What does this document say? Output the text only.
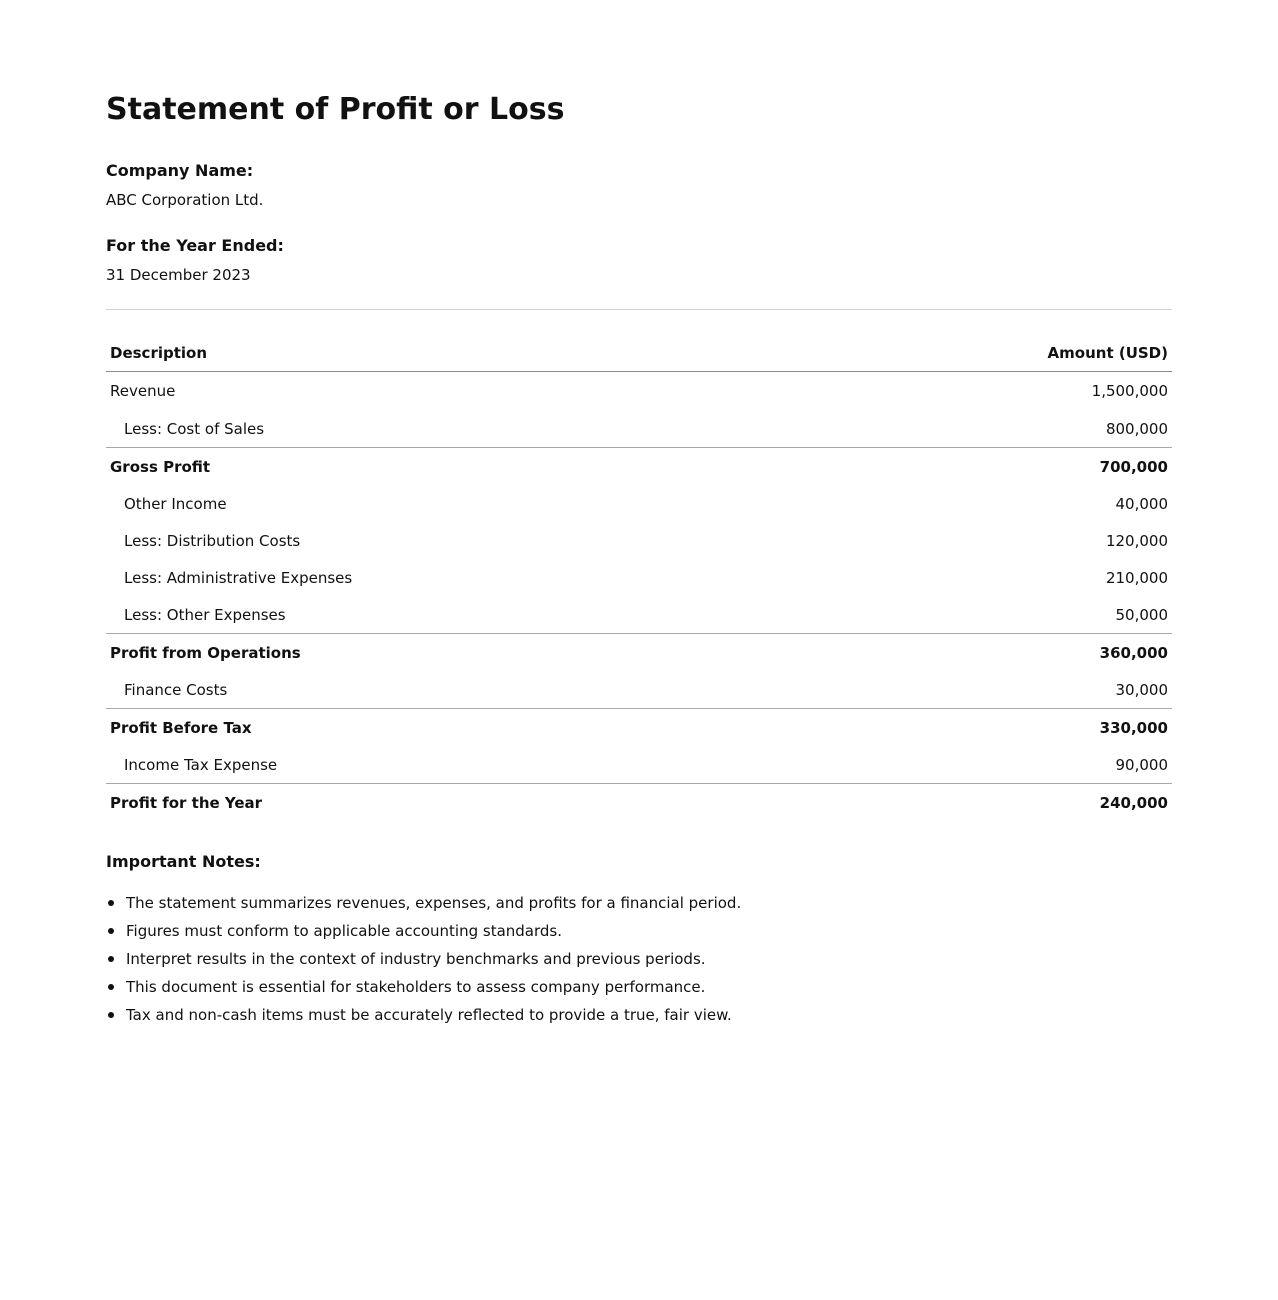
Statement of Profit or Loss
Company Name:
ABC Corporation Ltd.
For the Year Ended:
31 December 2023
Description	Amount (USD)
Revenue	1,500,000
Less: Cost of Sales	800,000
Gross Profit	700,000
Other Income	40,000
Less: Distribution Costs	120,000
Less: Administrative Expenses	210,000
Less: Other Expenses	50,000
Profit from Operations	360,000
Finance Costs	30,000
Profit Before Tax	330,000
Income Tax Expense	90,000
Profit for the Year	240,000
Important Notes:
The statement summarizes revenues, expenses, and profits for a financial period.
Figures must conform to applicable accounting standards.
Interpret results in the context of industry benchmarks and previous periods.
This document is essential for stakeholders to assess company performance.
Tax and non-cash items must be accurately reflected to provide a true, fair view.
